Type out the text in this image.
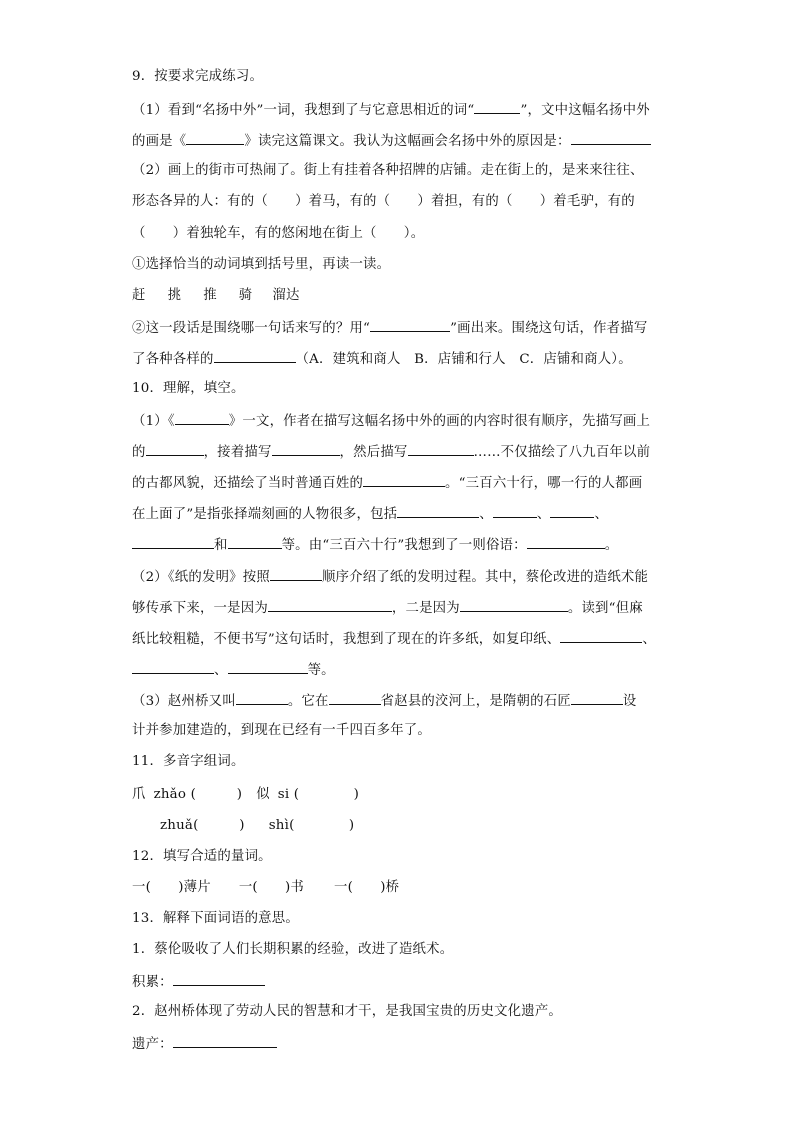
9．按要求完成练习。
（1）看到“名扬中外”一词，我想到了与它意思相近的词“	”，文中这幅名扬中外
的画是《	》读完这篇课文。我认为这幅画会名扬中外的原因是：
（2）画上的街市可热闹了。街上有挂着各种招牌的店铺。走在街上的，是来来往往、
形态各异的人：有的（　　）着马，有的（　　）着担，有的（　　）着毛驴，有的
（　　）着独轮车，有的悠闲地在街上（　　）。
①选择恰当的动词填到括号里，再读一读。
赶 挑 推 骑 溜达
②这一段话是围绕哪一句话来写的？用“	”画出来。围绕这句话，作者描写
了各种各样的	（A．建筑和商人　B．店铺和行人　C．店铺和商人）。
10．理解，填空。
（1）《	》一文，作者在描写这幅名扬中外的画的内容时很有顺序，先描写画上
的	，接着描写	，然后描写	……不仅描绘了八九百年以前
的古都风貌，还描绘了当时普通百姓的	。“三百六十行，哪一行的人都画
在上面了”是指张择端刻画的人物很多，包括	、	、	、
和	等。由“三百六十行”我想到了一则俗语：	。
（2）《纸的发明》按照	顺序介绍了纸的发明过程。其中，蔡伦改进的造纸术能
够传承下来，一是因为	，二是因为	。读到“但麻
纸比较粗糙，不便书写”这句话时，我想到了现在的许多纸，如复印纸、	、
、	等。
（3）赵州桥又叫	。它在	省赵县的洨河上，是隋朝的石匠	设
计并参加建造的，到现在已经有一千四百多年了。
11．多音字组词。
爪 zhǎo (　　　) 似 si (　　　　)
zhuǎ(　　　) shì(　　　　)
12．填写合适的量词。
一(　　)薄片 一(　　)书 一(　　)桥
13．解释下面词语的意思。
1．蔡伦吸收了人们长期积累的经验，改进了造纸术。
积累：
2．赵州桥体现了劳动人民的智慧和才干，是我国宝贵的历史文化遗产。
遗产：
